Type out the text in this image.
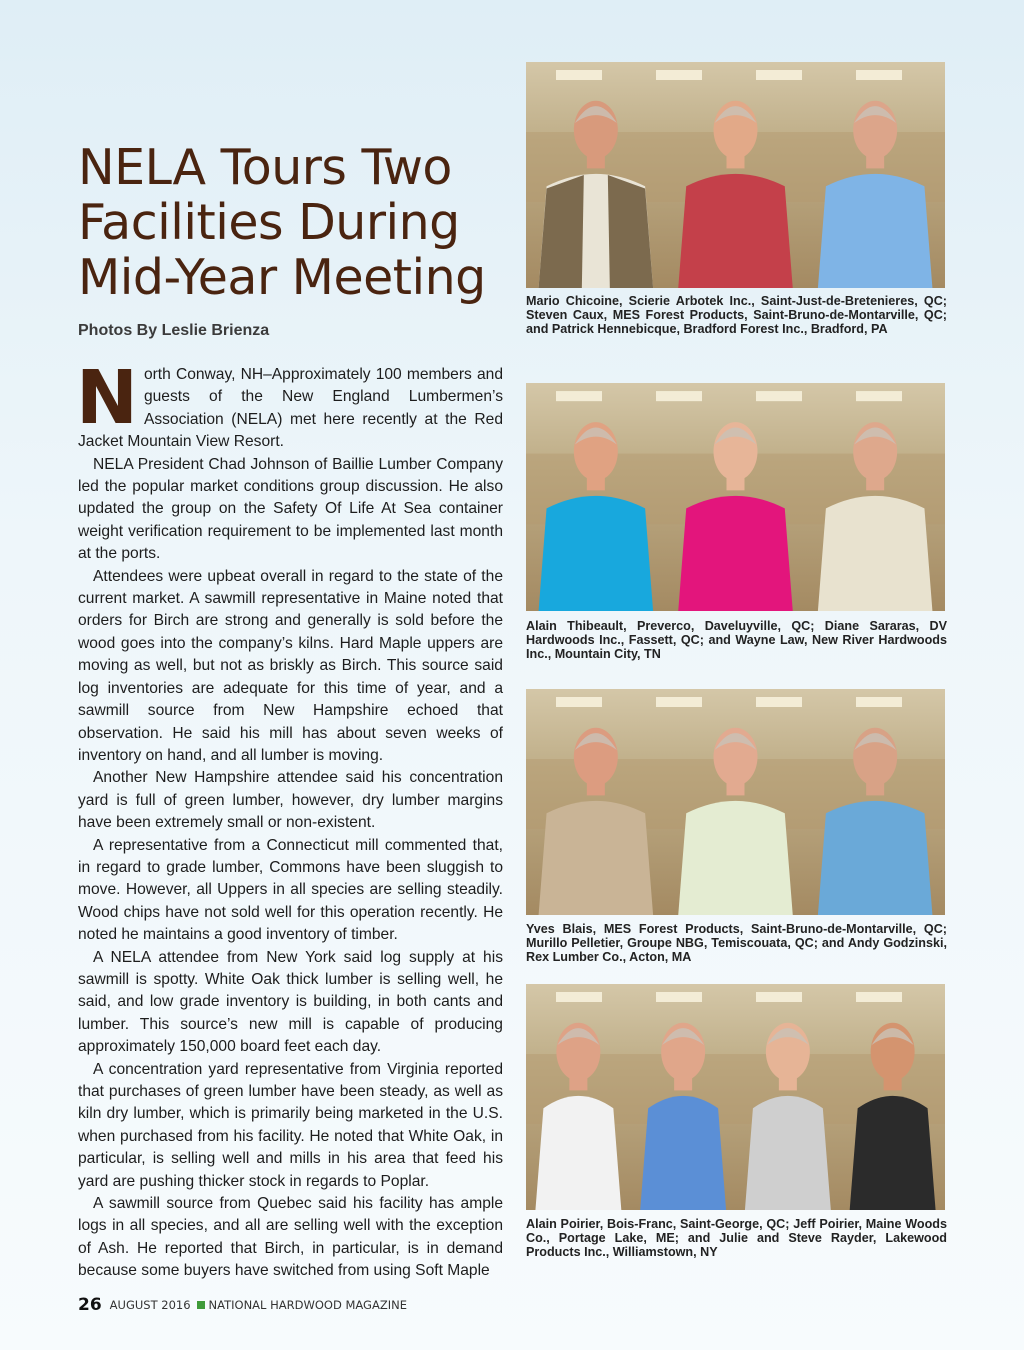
NELA Tours Two Facilities During Mid-Year Meeting
Photos By Leslie Brienza

North Conway, NH–Approximately 100 members and guests of the New England Lumbermen’s Association (NELA) met here recently at the Red Jacket Mountain View Resort.

NELA President Chad Johnson of Baillie Lumber Company led the popular market conditions group discussion. He also updated the group on the Safety Of Life At Sea container weight verification requirement to be implemented last month at the ports.

Attendees were upbeat overall in regard to the state of the current market. A sawmill representative in Maine noted that orders for Birch are strong and generally is sold before the wood goes into the company’s kilns. Hard Maple uppers are moving as well, but not as briskly as Birch. This source said log inventories are adequate for this time of year, and a sawmill source from New Hampshire echoed that observation. He said his mill has about seven weeks of inventory on hand, and all lumber is moving.

Another New Hampshire attendee said his concentration yard is full of green lumber, however, dry lumber margins have been extremely small or non-existent.

A representative from a Connecticut mill commented that, in regard to grade lumber, Commons have been sluggish to move. However, all Uppers in all species are selling steadily. Wood chips have not sold well for this operation recently. He noted he maintains a good inventory of timber.

A NELA attendee from New York said log supply at his sawmill is spotty. White Oak thick lumber is selling well, he said, and low grade inventory is building, in both cants and lumber. This source’s new mill is capable of producing approximately 150,000 board feet each day.

A concentration yard representative from Virginia reported that purchases of green lumber have been steady, as well as kiln dry lumber, which is primarily being marketed in the U.S. when purchased from his facility. He noted that White Oak, in particular, is selling well and mills in his area that feed his yard are pushing thicker stock in regards to Poplar.

A sawmill source from Quebec said his facility has ample logs in all species, and all are selling well with the exception of Ash. He reported that Birch, in particular, is in demand because some buyers have switched from using Soft Maple

Mario Chicoine, Scierie Arbotek Inc., Saint-Just-de-Bretenieres, QC; Steven Caux, MES Forest Products, Saint-Bruno-de-Montarville, QC; and Patrick Hennebicque, Bradford Forest Inc., Bradford, PA
Alain Thibeault, Preverco, Daveluyville, QC; Diane Sararas, DV Hardwoods Inc., Fassett, QC; and Wayne Law, New River Hardwoods Inc., Mountain City, TN
Yves Blais, MES Forest Products, Saint-Bruno-de-Montarville, QC; Murillo Pelletier, Groupe NBG, Temiscouata, QC; and Andy Godzinski, Rex Lumber Co., Acton, MA
Alain Poirier, Bois-Franc, Saint-George, QC; Jeff Poirier, Maine Woods Co., Portage Lake, ME; and Julie and Steve Rayder, Lakewood Products Inc., Williamstown, NY
26 AUGUST 2016 NATIONAL HARDWOOD MAGAZINE
